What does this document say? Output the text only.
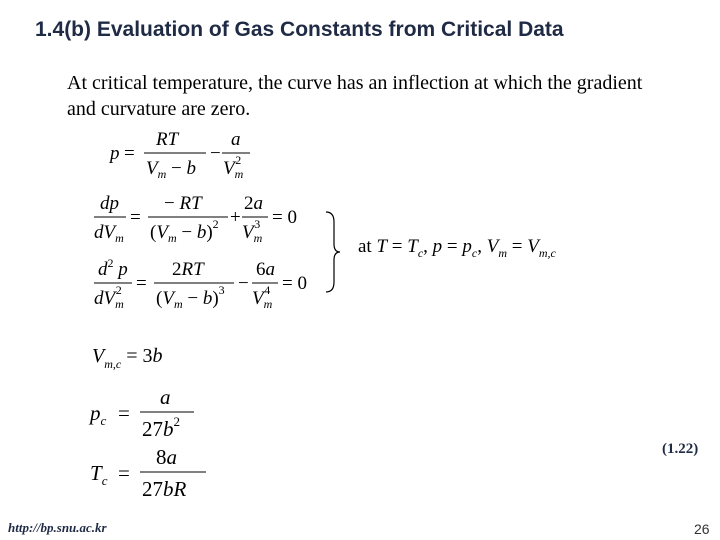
1.4(b) Evaluation of Gas Constants from Critical Data
At critical temperature, the curve has an inflection at which the gradient and curvature are zero.
p =
RT
$V_m - b$
−
a
$V_m2$
dp
$dV_m$
=
− RT
$(V_m - b)^2$ +
2a
$V_m3 = 0$
$d^2$ p
$dV_m2$ =
2RT
$(V_m - b)^3$ −
6a
$V_m4 = 0$
at $T = T_c$, $p = p_c$, $V_m = V_{m,c}$
$V_{m,c} = 3b$
$p_c$ =
a
$27b^2$
$T_c$ =
8a
27bR
(1.22)
http://bp.snu.ac.kr	26
